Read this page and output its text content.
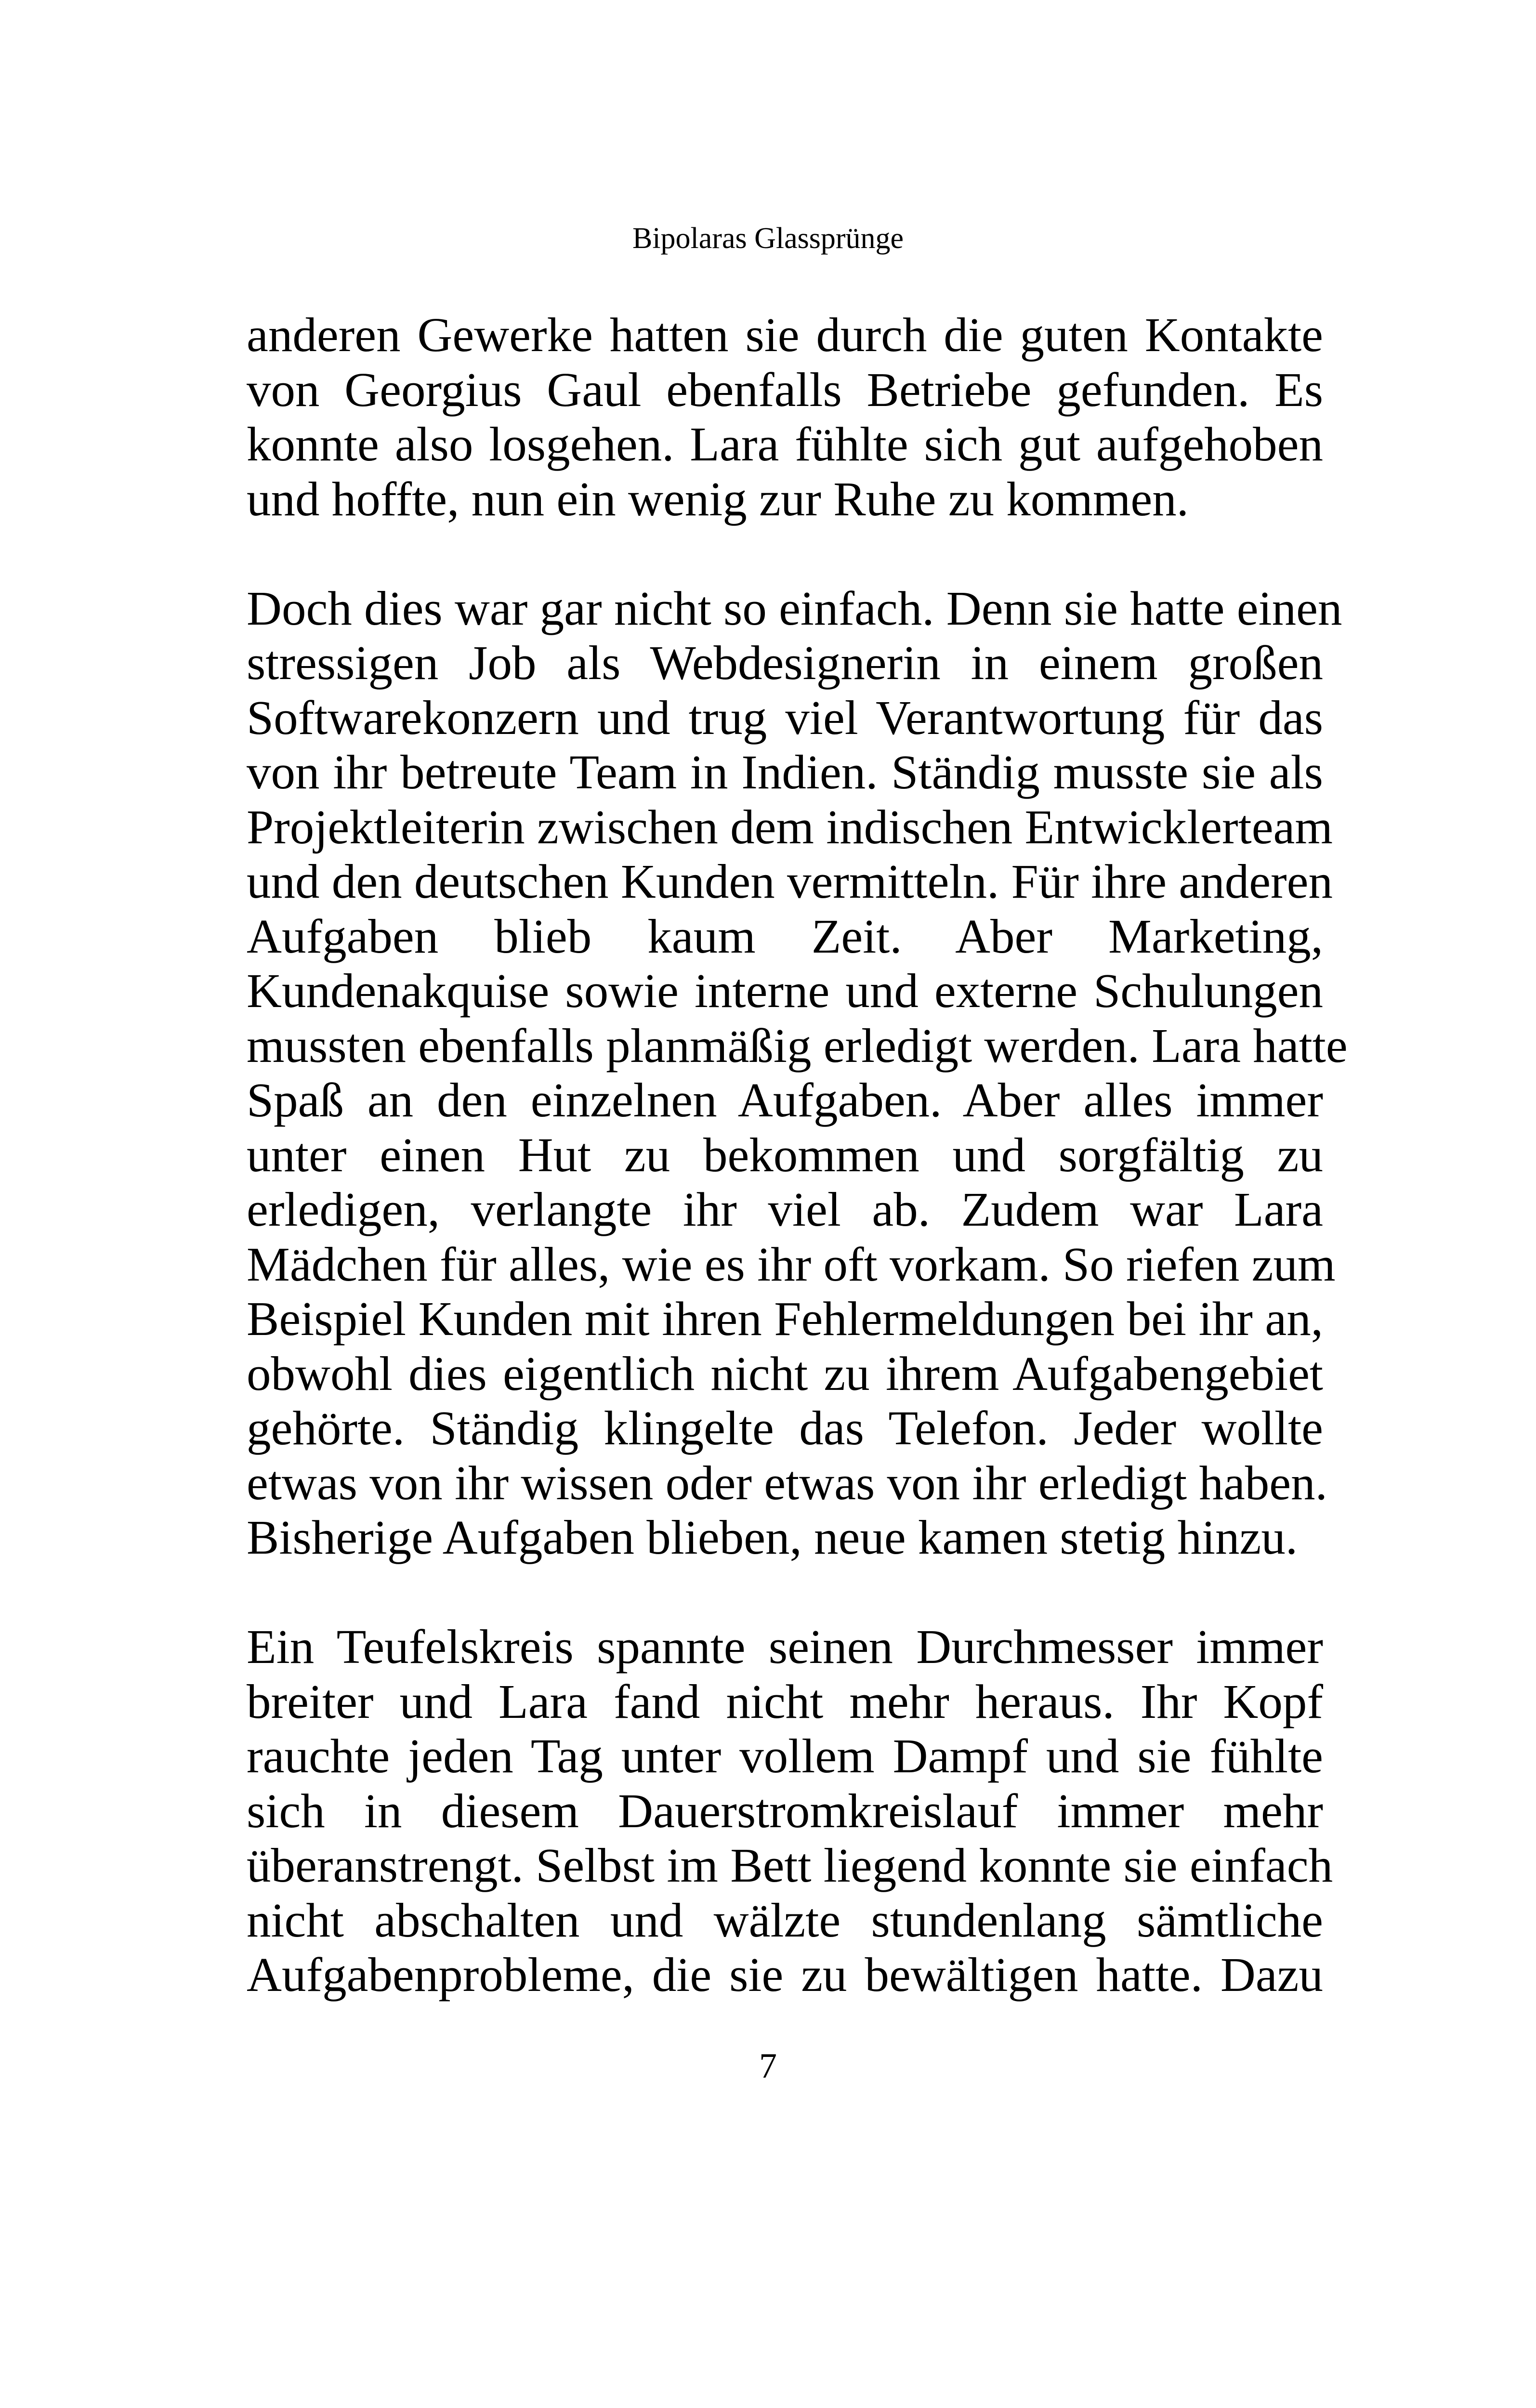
Bipolaras Glassprünge
anderen Gewerke hatten sie durch die guten Kontakte
von Georgius Gaul ebenfalls Betriebe gefunden. Es
konnte also losgehen. Lara fühlte sich gut aufgehoben
und hoffte, nun ein wenig zur Ruhe zu kommen.
Doch dies war gar nicht so einfach. Denn sie hatte einen
stressigen Job als Webdesignerin in einem großen
Softwarekonzern und trug viel Verantwortung für das
von ihr betreute Team in Indien. Ständig musste sie als
Projektleiterin zwischen dem indischen Entwicklerteam
und den deutschen Kunden vermitteln. Für ihre anderen
Aufgaben blieb kaum Zeit. Aber Marketing,
Kundenakquise sowie interne und externe Schulungen
mussten ebenfalls planmäßig erledigt werden. Lara hatte
Spaß an den einzelnen Aufgaben. Aber alles immer
unter einen Hut zu bekommen und sorgfältig zu
erledigen, verlangte ihr viel ab. Zudem war Lara
Mädchen für alles, wie es ihr oft vorkam. So riefen zum
Beispiel Kunden mit ihren Fehlermeldungen bei ihr an,
obwohl dies eigentlich nicht zu ihrem Aufgabengebiet
gehörte. Ständig klingelte das Telefon. Jeder wollte
etwas von ihr wissen oder etwas von ihr erledigt haben.
Bisherige Aufgaben blieben, neue kamen stetig hinzu.
Ein Teufelskreis spannte seinen Durchmesser immer
breiter und Lara fand nicht mehr heraus. Ihr Kopf
rauchte jeden Tag unter vollem Dampf und sie fühlte
sich in diesem Dauerstromkreislauf immer mehr
überanstrengt. Selbst im Bett liegend konnte sie einfach
nicht abschalten und wälzte stundenlang sämtliche
Aufgabenprobleme, die sie zu bewältigen hatte. Dazu
7
